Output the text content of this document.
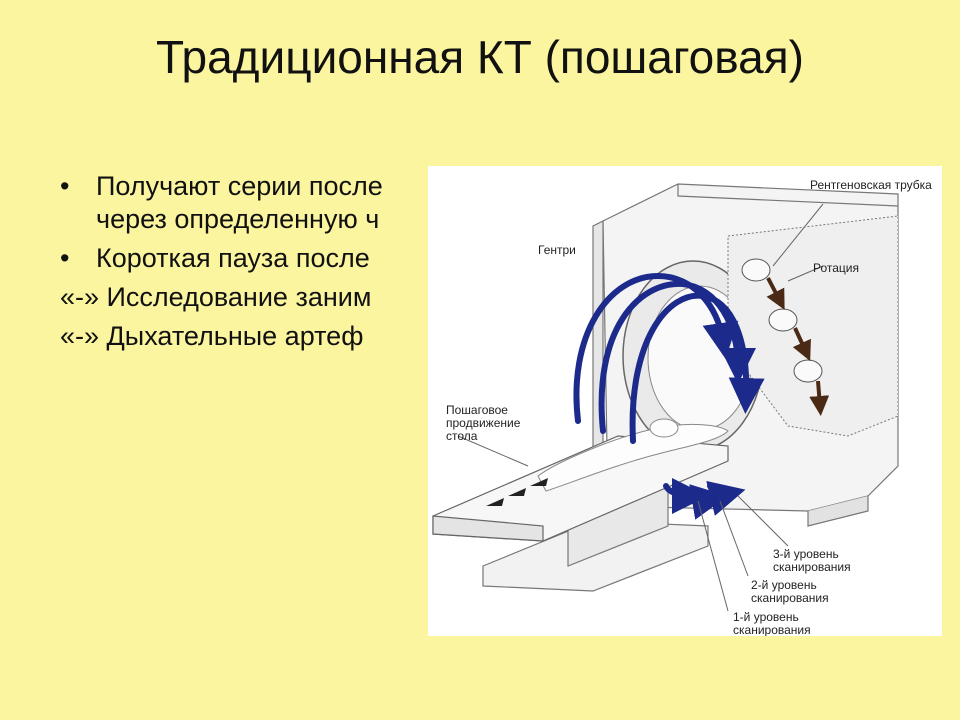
Традиционная КТ (пошаговая)
• Получают серии после
через определенную ч
• Короткая пауза после
«-» Исследование заним
«-» Дыхательные артеф
Рентгеновская трубка
Гентри
Ротация
Пошаговое
продвижение
стола
3-й уровень
сканирования
2-й уровень
сканирования
1-й уровень
сканирования
